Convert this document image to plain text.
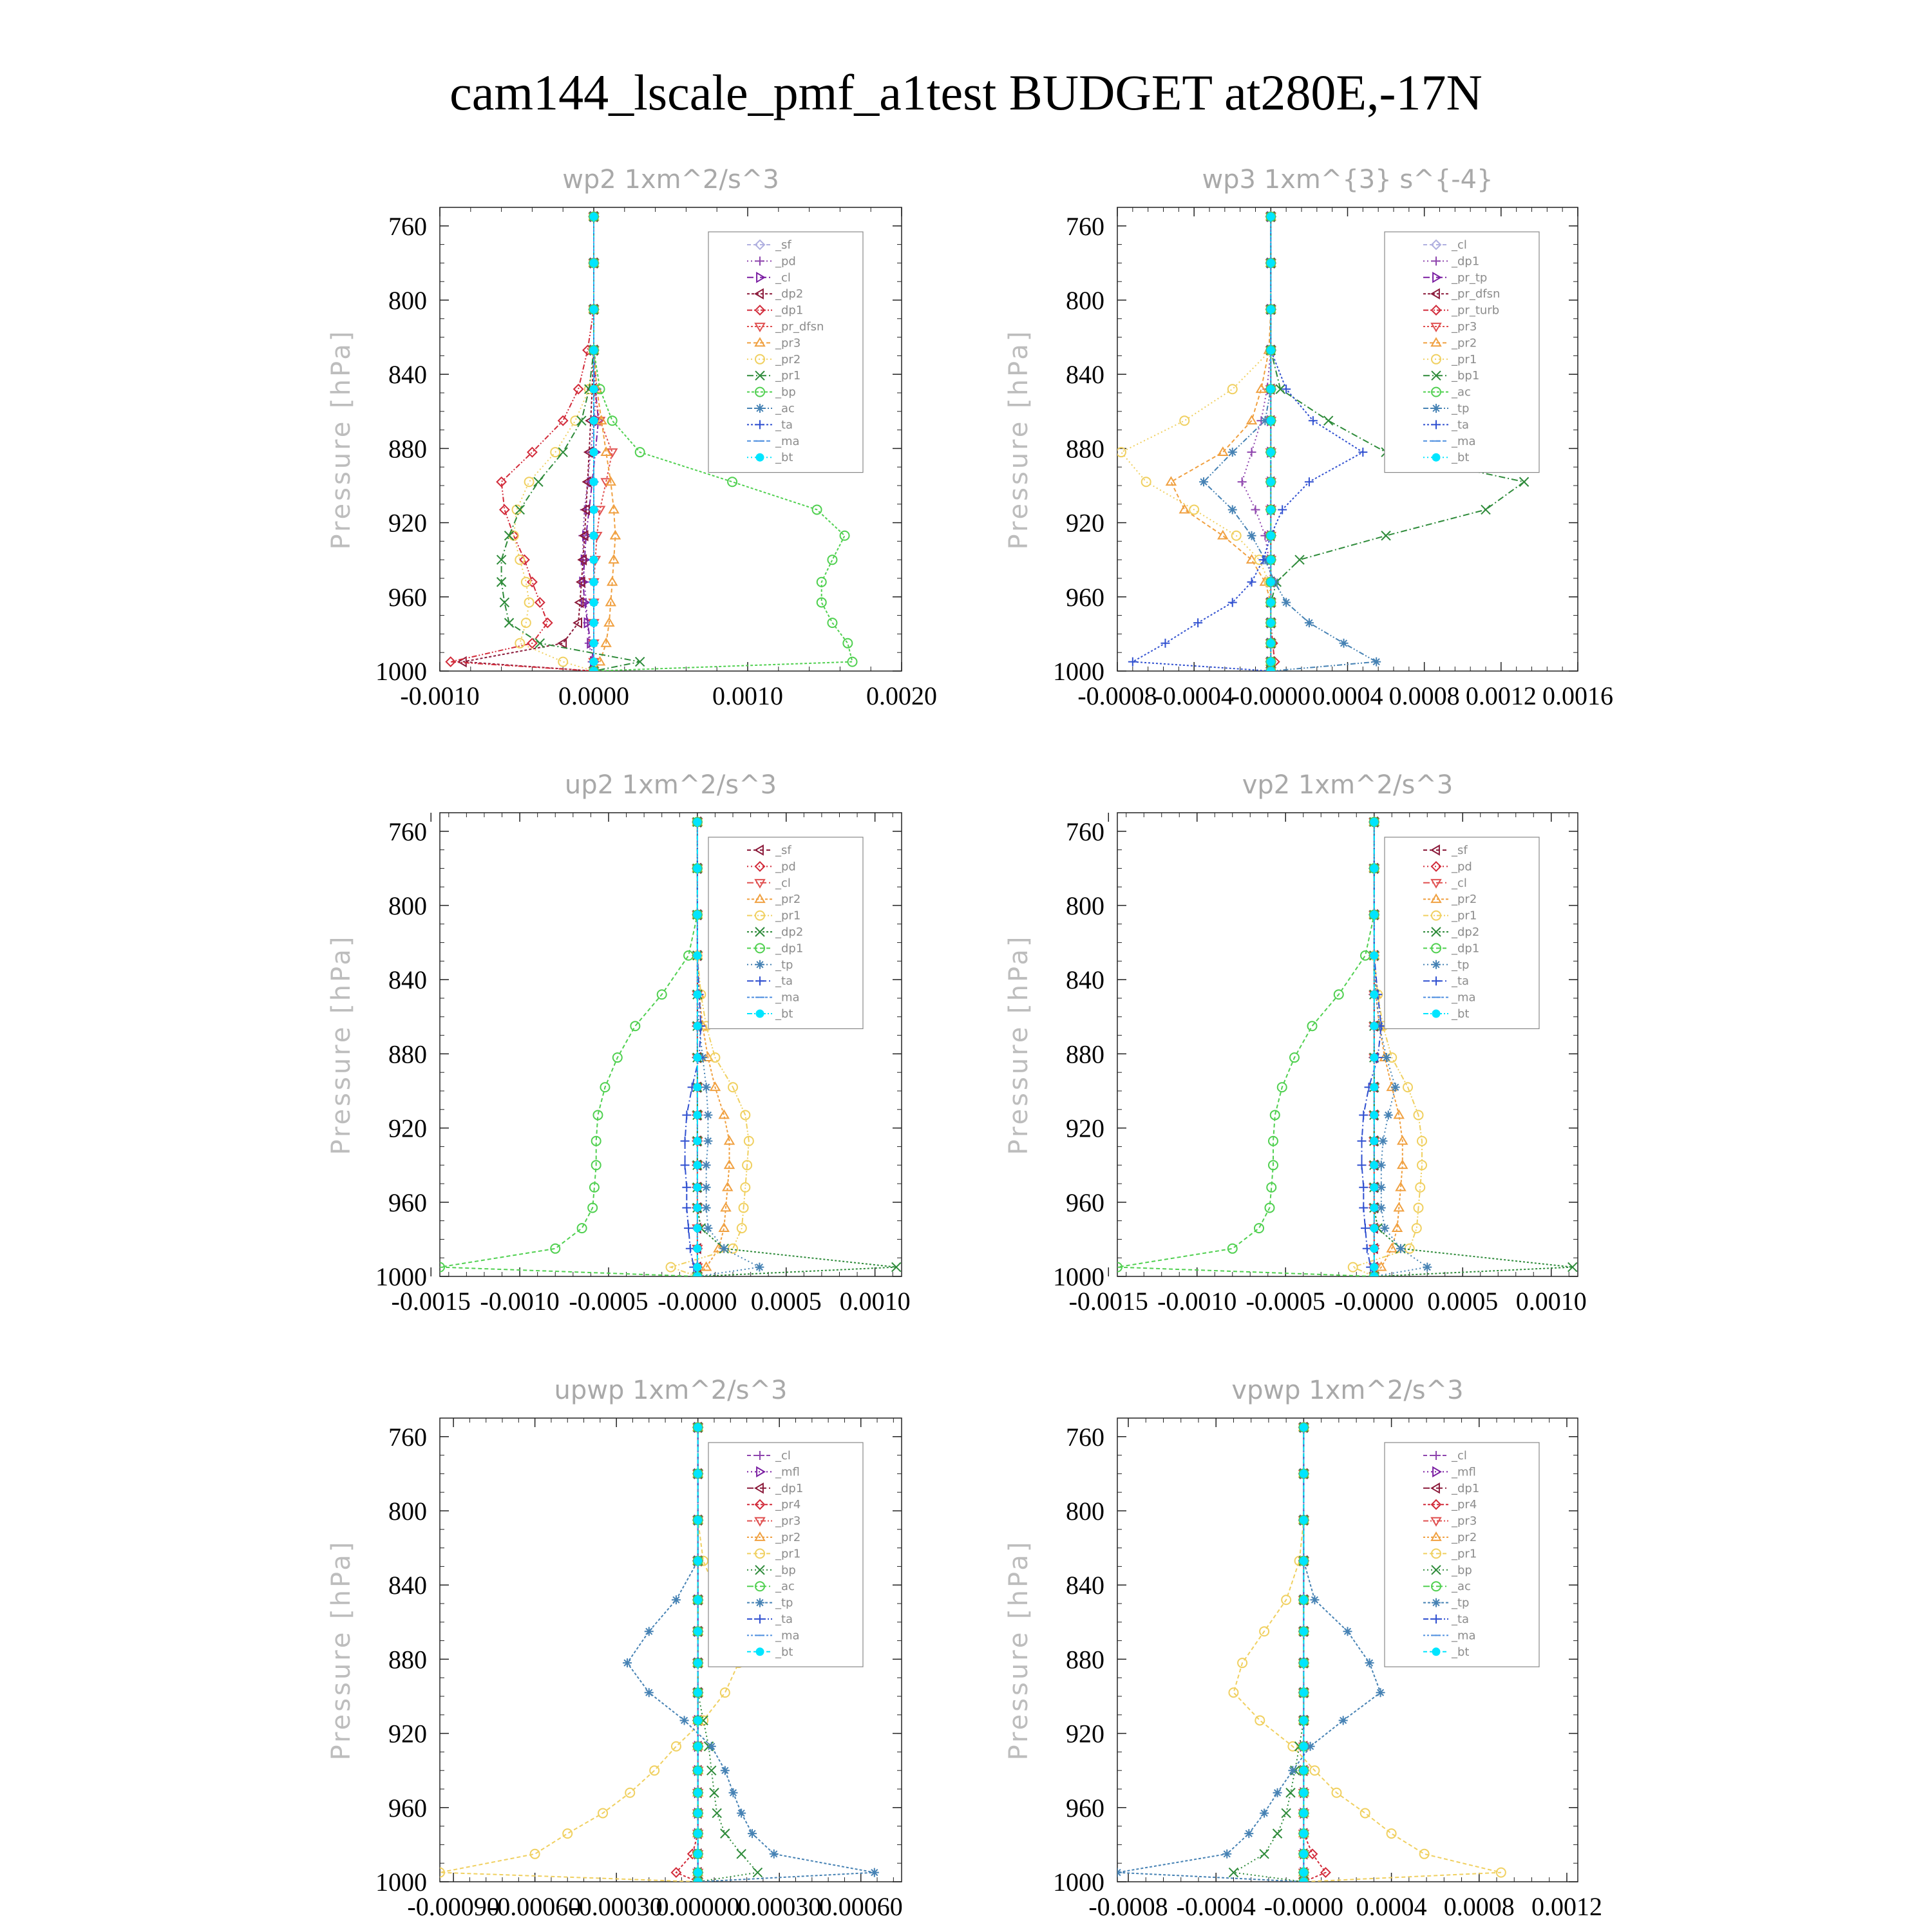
cam144_lscale_pmf_a1test BUDGET at280E,-17N
wp2 1xm^2/s^3
760
800
840
880
920
960
1000
-0.0010	0.0000	0.0010	0.0020
Pressure [hPa]
_sf
_pd
_cl
_dp2
_dp1
_pr_dfsn
_pr3
_pr2
_pr1
_bp
_ac
_ta
_ma
_bt
wp3 1xm^{3} s^{-4}
760
800
840
880
920
960
1000
-0.0008
-0.0004
-0.0000 0.0004 0.0008 0.0012 0.0016
Pressure [hPa]
_cl
_dp1
_pr_tp
_pr_dfsn
_pr_turb
_pr3
_pr2
_pr1
_bp1
_ac
_tp
_ta
_ma
_bt
up2 1xm^2/s^3
760
800
840
880
920
960
1000
-0.0015 -0.0010 -0.0005 -0.0000 0.0005 0.0010
Pressure [hPa]
_sf
_pd
_cl
_pr2
_pr1
_dp2
_dp1
_tp
_ta
_ma
_bt
vp2 1xm^2/s^3
760
800
840
880
920
960
1000
-0.0015 -0.0010 -0.0005 -0.0000 0.0005 0.0010
Pressure [hPa]
_sf
_pd
_cl
_pr2
_pr1
_dp2
_dp1
_tp
_ta
_ma
_bt
upwp 1xm^2/s^3
760
800
840
880
920
960
1000
-0.00090
-0.00060
-0.00030
0.00000
0.00030
0.00060
Pressure [hPa]
_cl
_mfl
_dp1
_pr4
_pr3
_pr2
_pr1
_bp
_ac
_tp
_ta
_ma
_bt
vpwp 1xm^2/s^3
760
800
840
880
920
960
1000
-0.0008 -0.0004 -0.0000 0.0004 0.0008 0.0012
Pressure [hPa]
_cl
_mfl
_dp1
_pr4
_pr3
_pr2
_pr1
_bp
_ac
_tp
_ta
_ma
_bt
